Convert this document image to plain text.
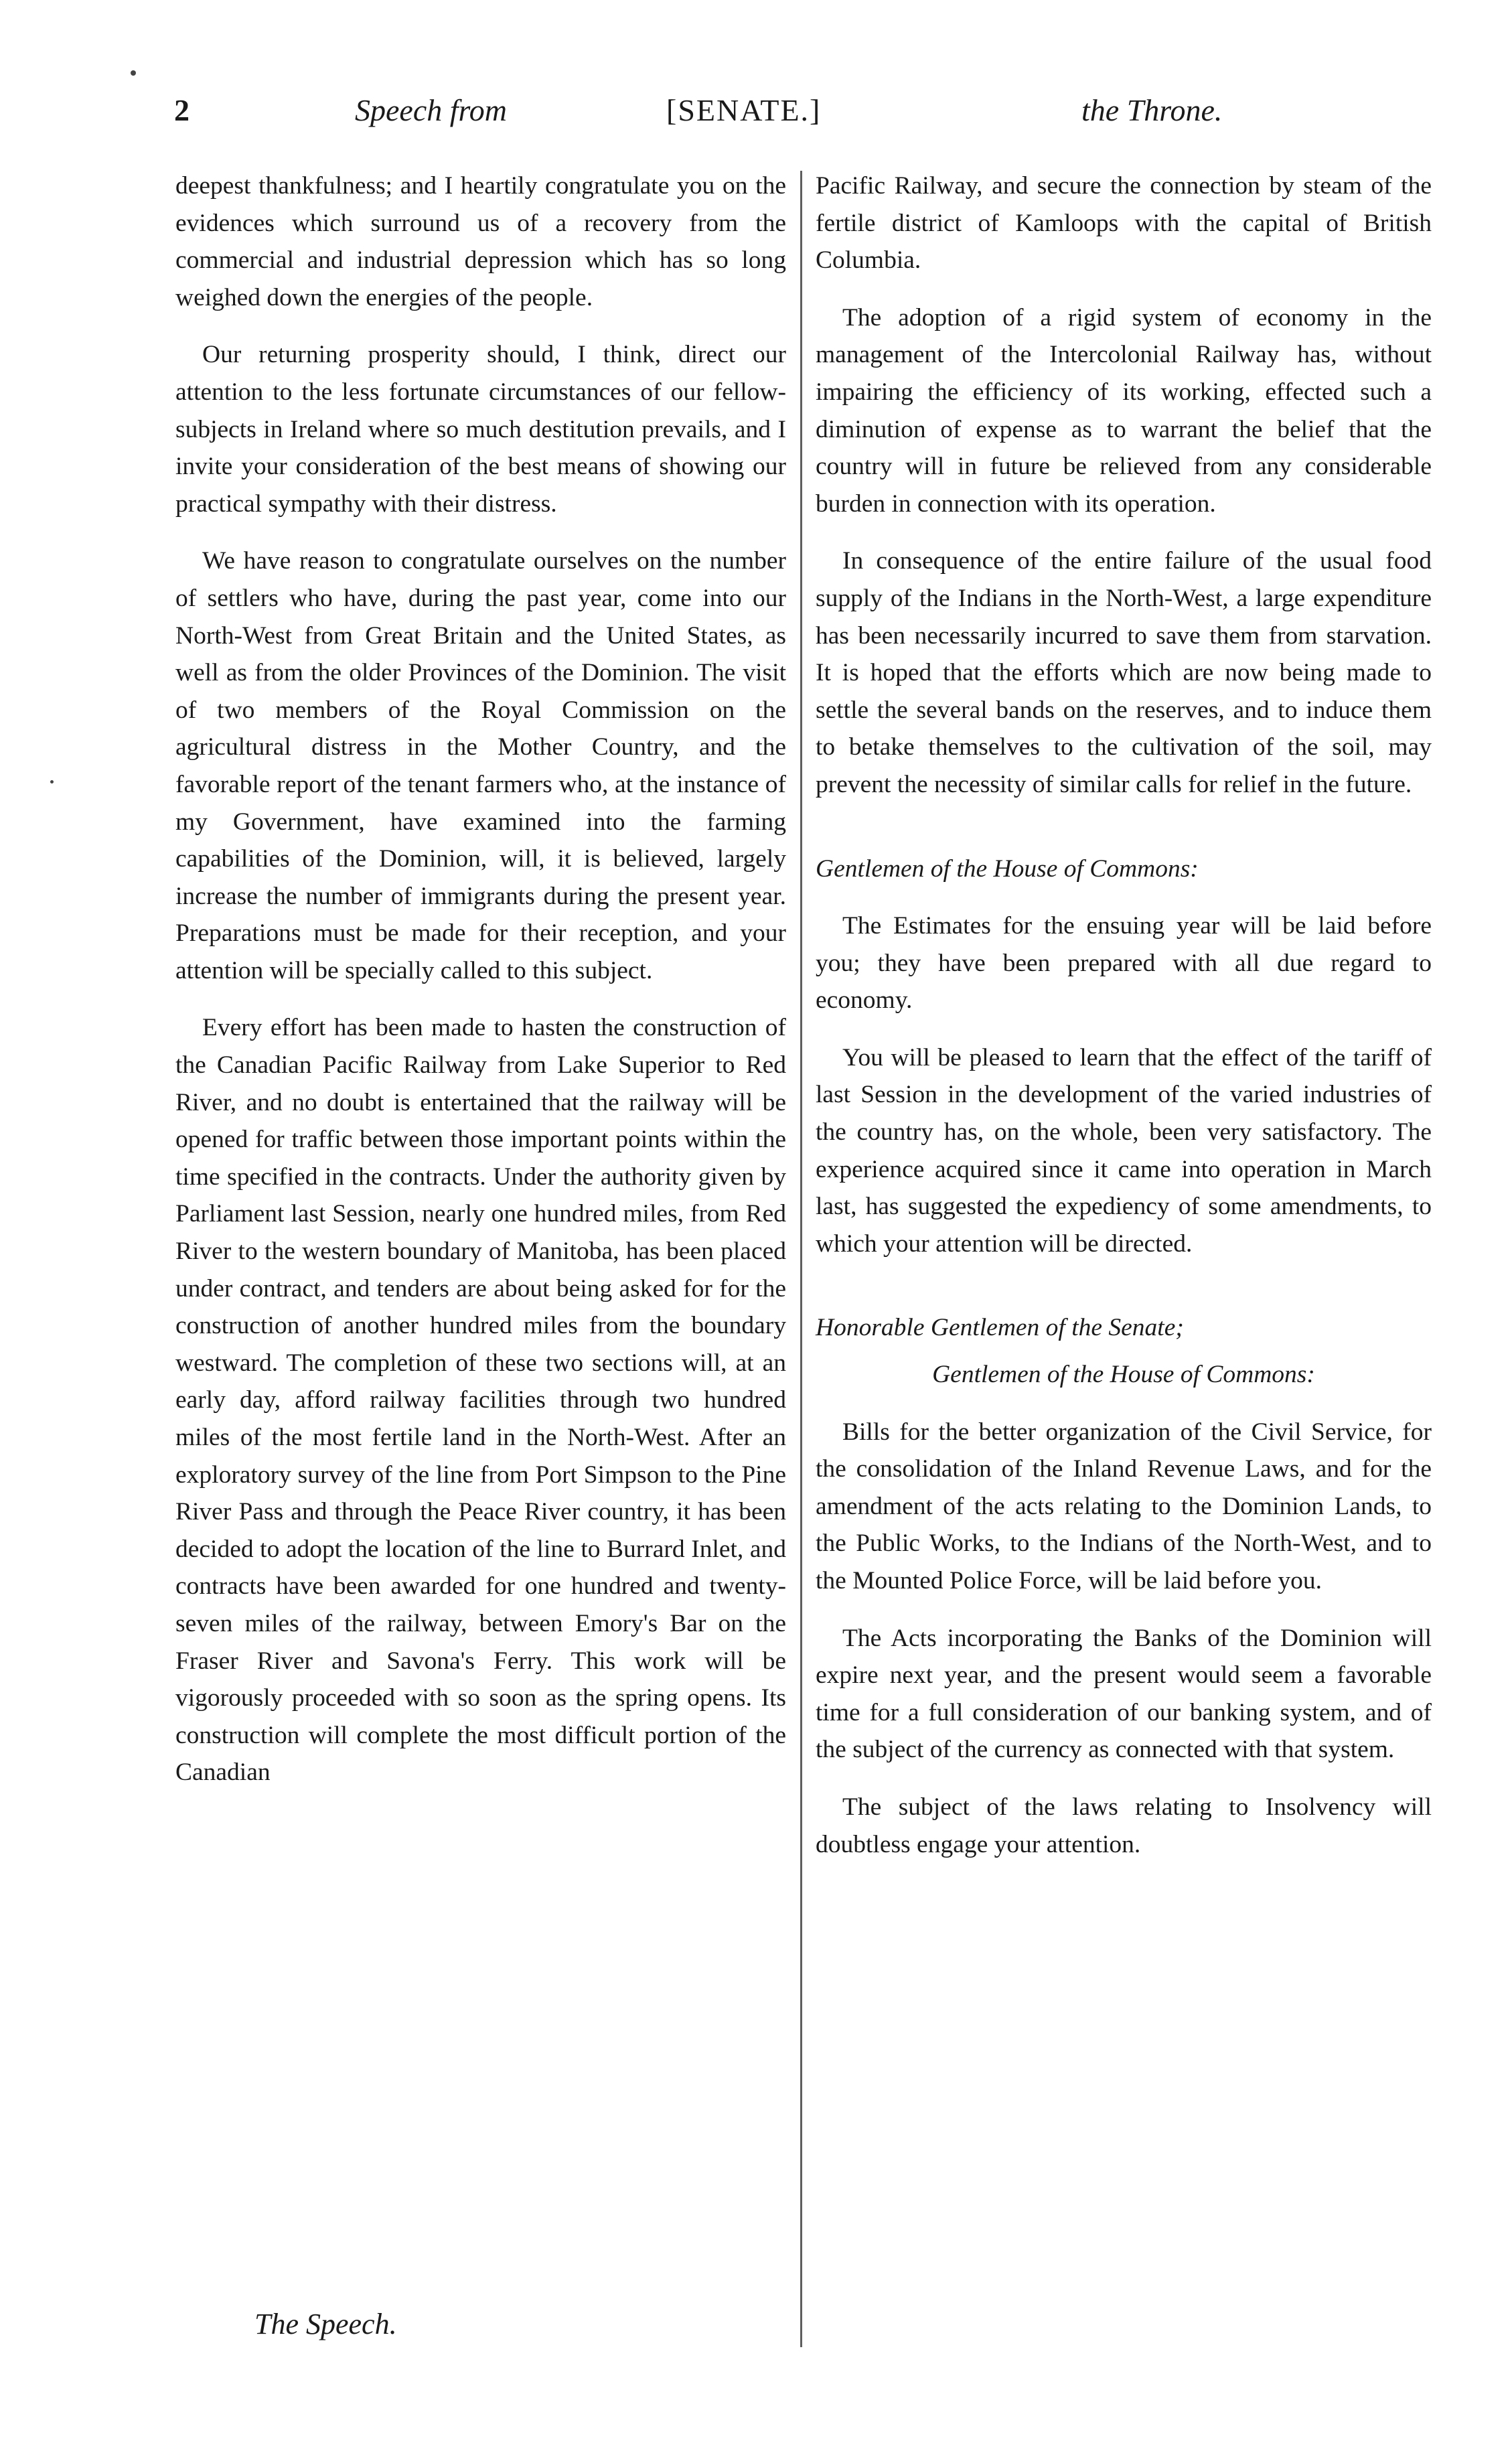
2	Speech from	[SENATE.]	the Throne.

deepest thankfulness; and I heartily congratulate you on the evidences which surround us of a recovery from the commercial and industrial depression which has so long weighed down the energies of the people.

Our returning prosperity should, I think, direct our attention to the less fortunate circumstances of our fellow-subjects in Ireland where so much destitution prevails, and I invite your consideration of the best means of showing our practical sympathy with their distress.

We have reason to congratulate ourselves on the number of settlers who have, during the past year, come into our North-West from Great Britain and the United States, as well as from the older Provinces of the Dominion. The visit of two members of the Royal Commission on the agricultural distress in the Mother Country, and the favorable report of the tenant farmers who, at the instance of my Government, have examined into the farming capabilities of the Dominion, will, it is believed, largely increase the number of immigrants during the present year. Preparations must be made for their reception, and your attention will be specially called to this subject.

Every effort has been made to hasten the construction of the Canadian Pacific Railway from Lake Superior to Red River, and no doubt is entertained that the railway will be opened for traffic between those important points within the time specified in the contracts. Under the authority given by Parliament last Session, nearly one hundred miles, from Red River to the western boundary of Manitoba, has been placed under contract, and tenders are about being asked for for the construction of another hundred miles from the boundary westward. The completion of these two sections will, at an early day, afford railway facilities through two hundred miles of the most fertile land in the North-West. After an exploratory survey of the line from Port Simpson to the Pine River Pass and through the Peace River country, it has been decided to adopt the location of the line to Burrard Inlet, and contracts have been awarded for one hundred and twenty-seven miles of the railway, between Emory's Bar on the Fraser River and Savona's Ferry. This work will be vigorously proceeded with so soon as the spring opens. Its construction will complete the most difficult portion of the Canadian

The Speech.

Pacific Railway, and secure the connection by steam of the fertile district of Kamloops with the capital of British Columbia.

The adoption of a rigid system of economy in the management of the Intercolonial Railway has, without impairing the efficiency of its working, effected such a diminution of expense as to warrant the belief that the country will in future be relieved from any considerable burden in connection with its operation.

In consequence of the entire failure of the usual food supply of the Indians in the North-West, a large expenditure has been necessarily incurred to save them from starvation. It is hoped that the efforts which are now being made to settle the several bands on the reserves, and to induce them to betake themselves to the cultivation of the soil, may prevent the necessity of similar calls for relief in the future.

Gentlemen of the House of Commons:

The Estimates for the ensuing year will be laid before you; they have been prepared with all due regard to economy.

You will be pleased to learn that the effect of the tariff of last Session in the development of the varied industries of the country has, on the whole, been very satisfactory. The experience acquired since it came into operation in March last, has suggested the expediency of some amendments, to which your attention will be directed.

Honorable Gentlemen of the Senate;

Gentlemen of the House of Commons:

Bills for the better organization of the Civil Service, for the consolidation of the Inland Revenue Laws, and for the amendment of the acts relating to the Dominion Lands, to the Public Works, to the Indians of the North-West, and to the Mounted Police Force, will be laid before you.

The Acts incorporating the Banks of the Dominion will expire next year, and the present would seem a favorable time for a full consideration of our banking system, and of the subject of the currency as connected with that system.

The subject of the laws relating to Insolvency will doubtless engage your attention.
